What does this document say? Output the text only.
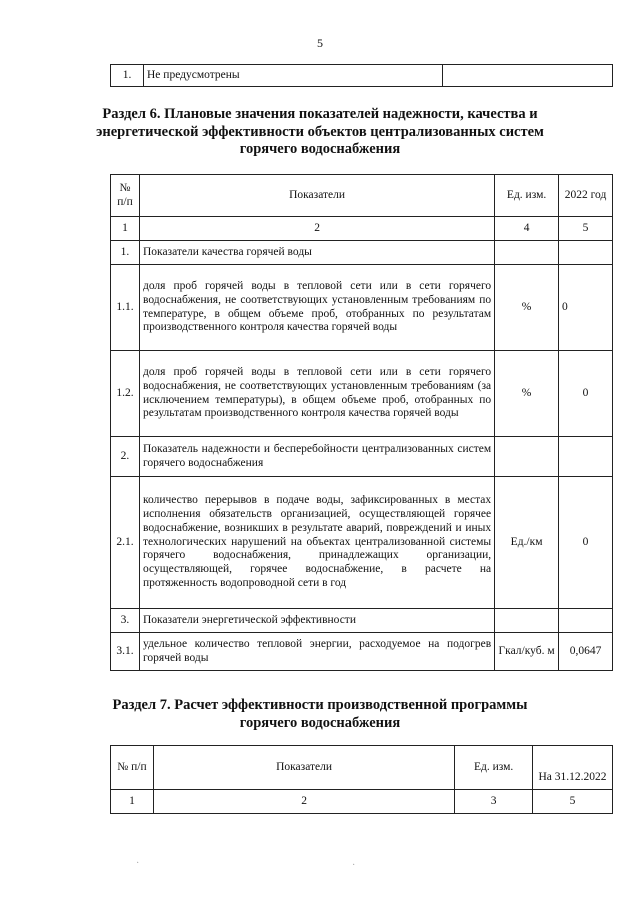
5
1.	Не предусмотрены	
Раздел 6. Плановые значения показателей надежности, качества и энергетической эффективности объектов централизованных систем горячего водоснабжения
№ п/п	Показатели	Ед. изм.	2022 год
1	2	4	5
1.	Показатели качества горячей воды		
1.1.	доля проб горячей воды в тепловой сети или в сети горячего водоснабжения, не соответствующих установленным требованиям по температуре, в общем объеме проб, отобранных по результатам производственного контроля качества горячей воды	%	0
1.2.	доля проб горячей воды в тепловой сети или в сети горячего водоснабжения, не соответствующих установленным требованиям (за исключением температуры), в общем объеме проб, отобранных по результатам производственного контроля качества горячей воды	%	0
2.	Показатель надежности и бесперебойности централизованных систем горячего водоснабжения		
2.1.	количество перерывов в подаче воды, зафиксированных в местах исполнения обязательств организацией, осуществляющей горячее водоснабжение, возникших в результате аварий, повреждений и иных технологических нарушений на объектах централизованной системы горячего водоснабжения, принадлежащих организации, осуществляющей, горячее водоснабжение, в расчете на протяженность водопроводной сети в год	Ед./км	0
3.	Показатели энергетической эффективности		
3.1.	удельное количество тепловой энергии, расходуемое на подогрев горячей воды	Гкал/куб. м	0,0647
Раздел 7. Расчет эффективности производственной программы горячего водоснабжения
№ п/п	Показатели	Ед. изм.	На 31.12.2022
1	2	3	5
·	·
